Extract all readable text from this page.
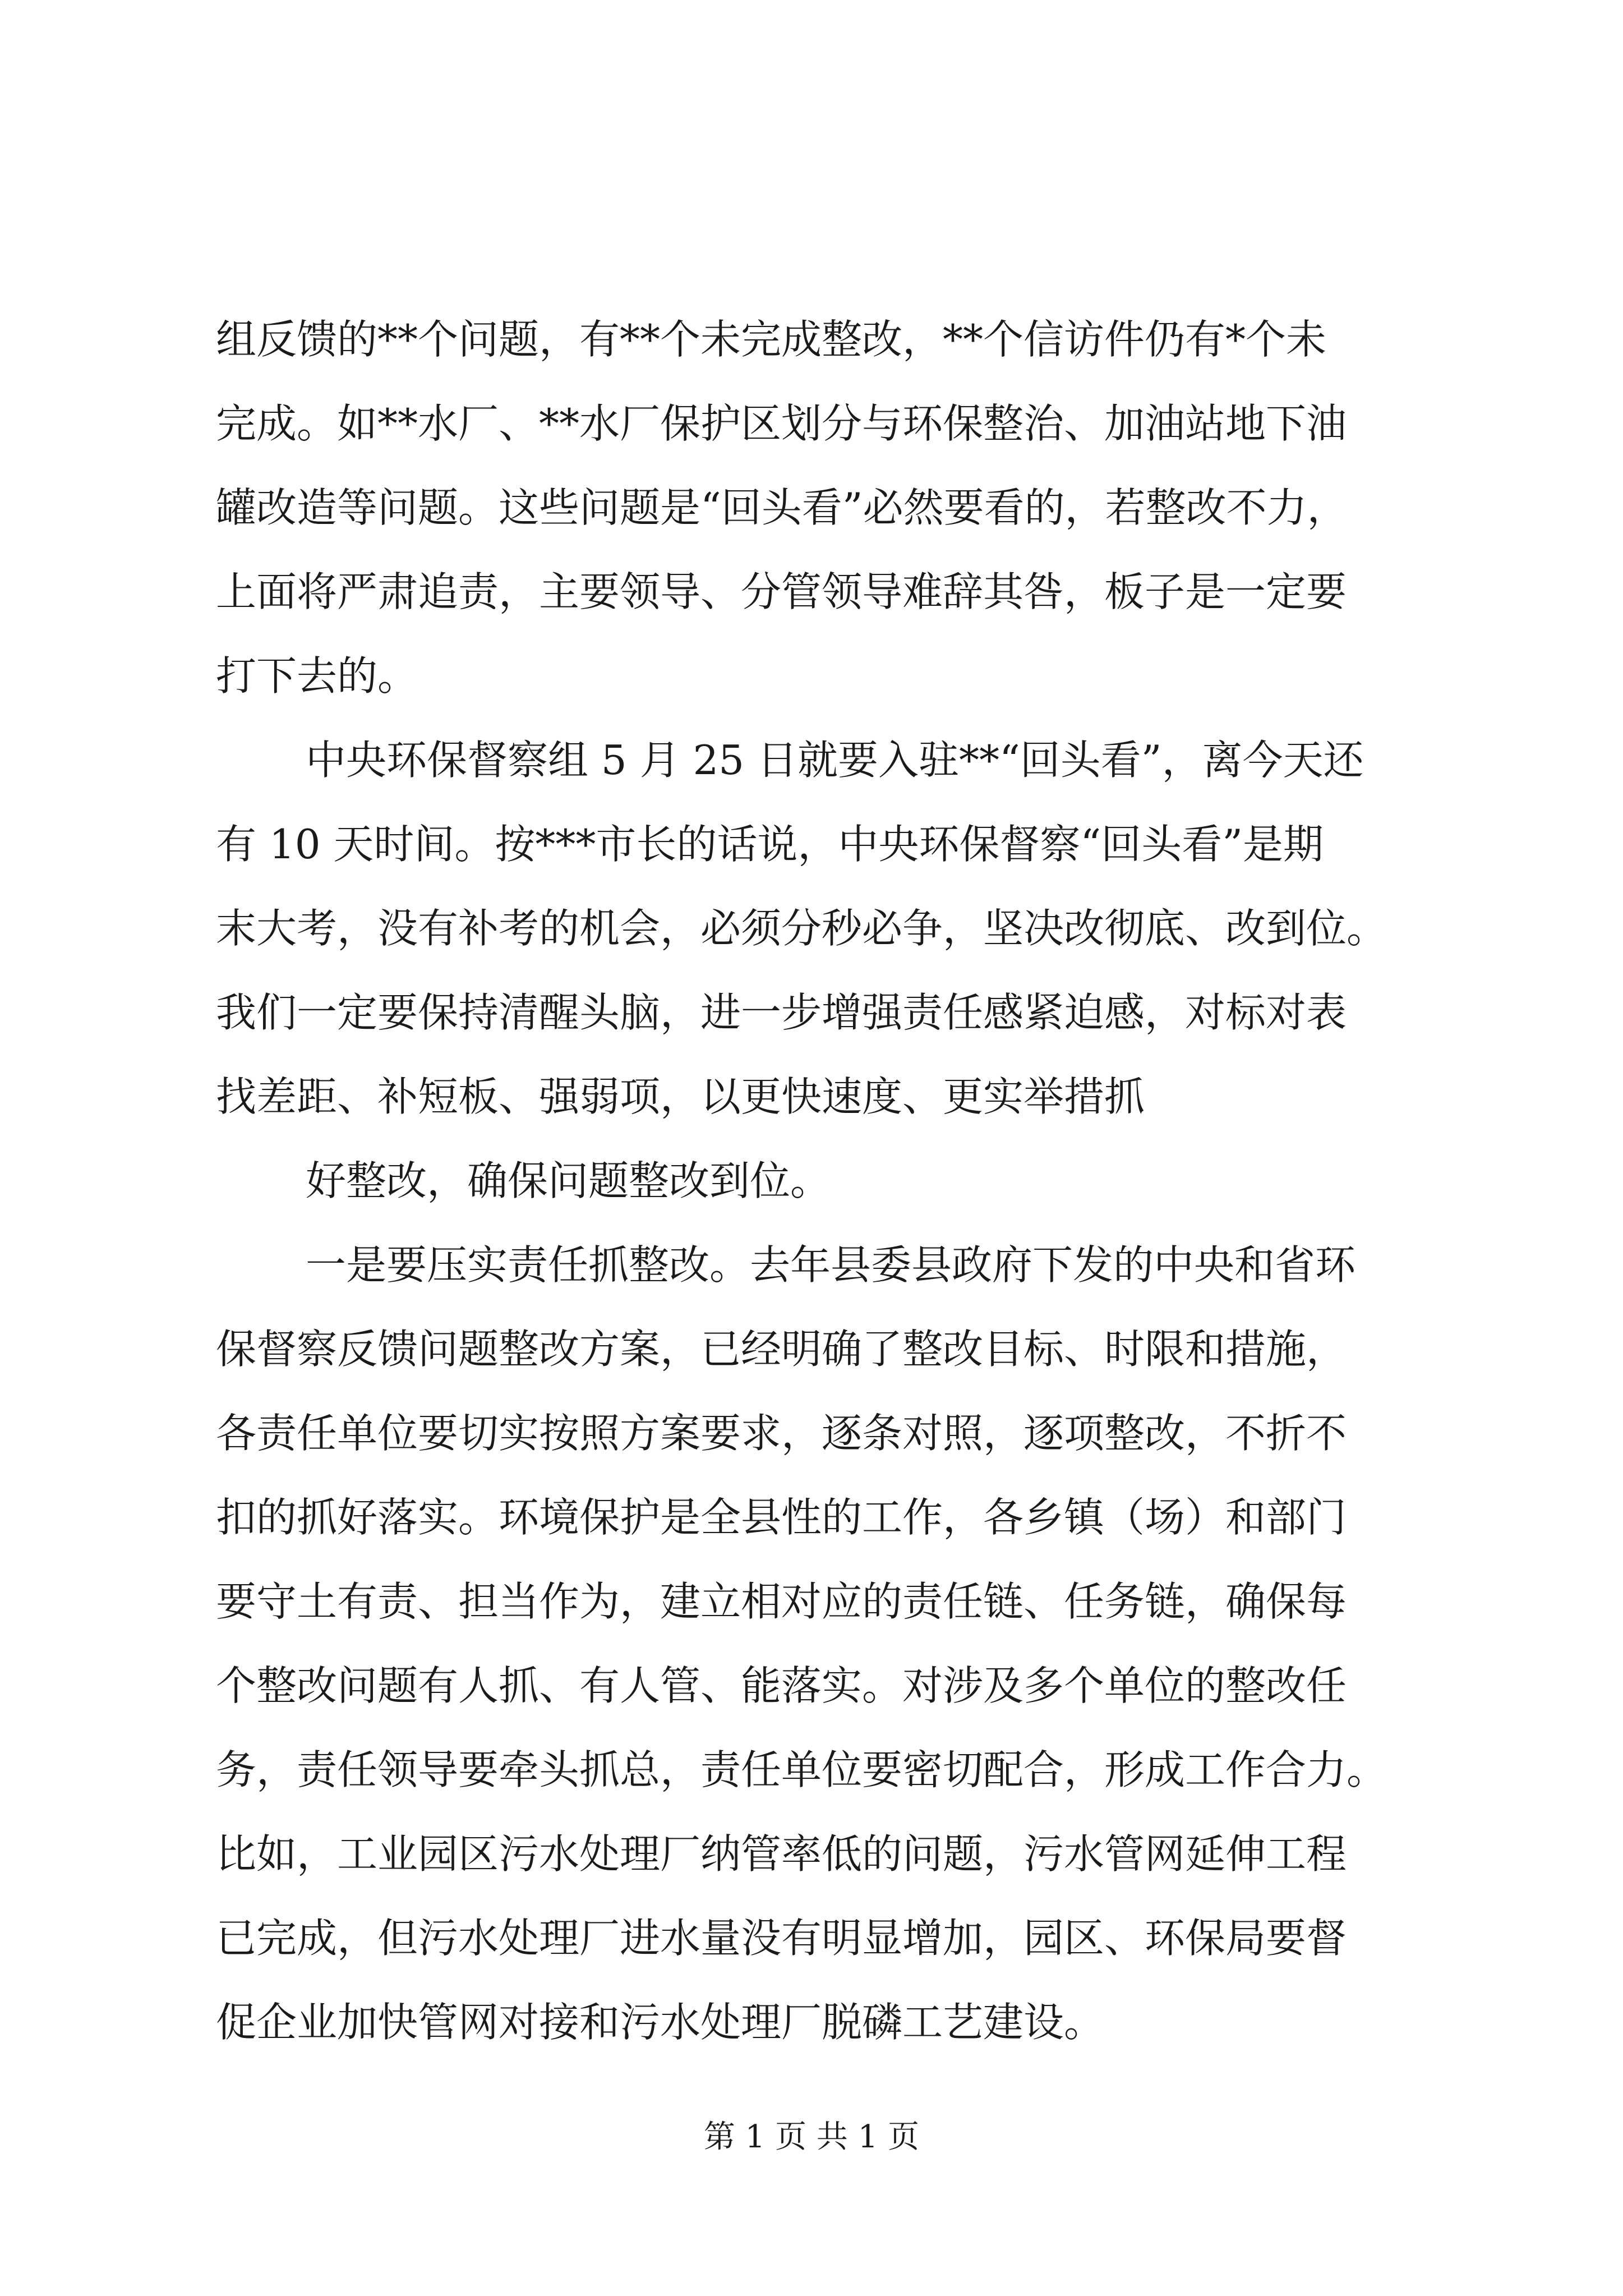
组反馈的**个问题，有**个未完成整改，**个信访件仍有*个未
完成。如**水厂、**水厂保护区划分与环保整治、加油站地下油
罐改造等问题。这些问题是“回头看”必然要看的，若整改不力，
上面将严肃追责，主要领导、分管领导难辞其咎，板子是一定要
打下去的。
中央环保督察组 5 月 25 日就要入驻**“回头看”，离今天还
有 10 天时间。按***市长的话说，中央环保督察“回头看”是期
末大考，没有补考的机会，必须分秒必争，坚决改彻底、改到位。
我们一定要保持清醒头脑，进一步增强责任感紧迫感，对标对表
找差距、补短板、强弱项，以更快速度、更实举措抓
好整改，确保问题整改到位。
一是要压实责任抓整改。去年县委县政府下发的中央和省环
保督察反馈问题整改方案，已经明确了整改目标、时限和措施，
各责任单位要切实按照方案要求，逐条对照，逐项整改，不折不
扣的抓好落实。环境保护是全县性的工作，各乡镇（场）和部门
要守土有责、担当作为，建立相对应的责任链、任务链，确保每
个整改问题有人抓、有人管、能落实。对涉及多个单位的整改任
务，责任领导要牵头抓总，责任单位要密切配合，形成工作合力。
比如，工业园区污水处理厂纳管率低的问题，污水管网延伸工程
已完成，但污水处理厂进水量没有明显增加，园区、环保局要督
促企业加快管网对接和污水处理厂脱磷工艺建设。
第 1 页 共 1 页
